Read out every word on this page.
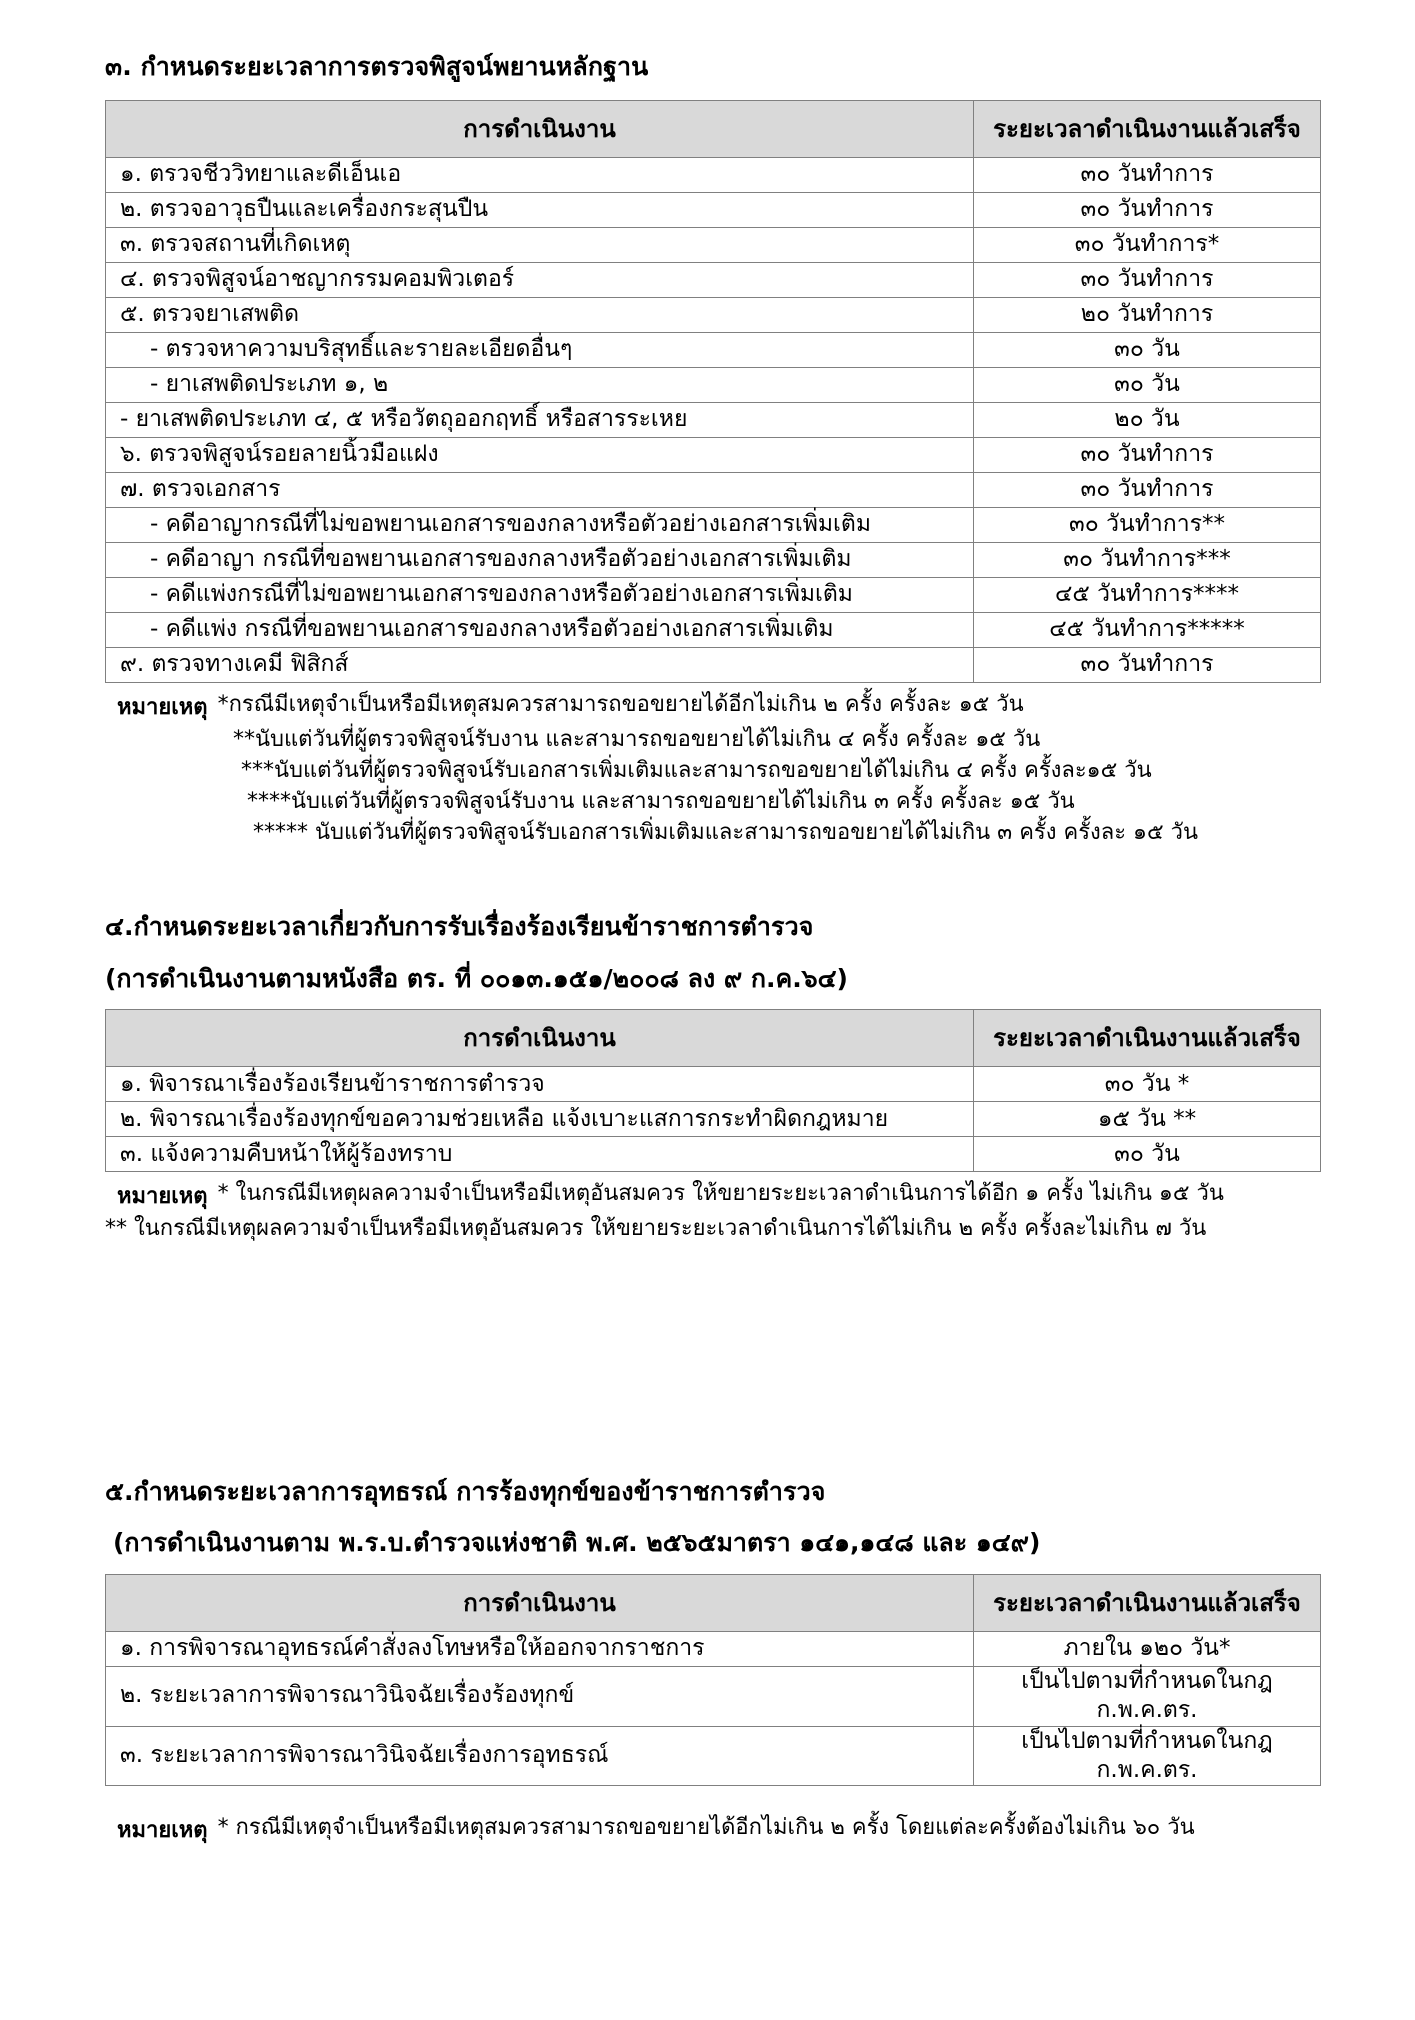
๓. กำหนดระยะเวลาการตรวจพิสูจน์พยานหลักฐาน
การดำเนินงาน	ระยะเวลาดำเนินงานแล้วเสร็จ
๑. ตรวจชีววิทยาและดีเอ็นเอ	๓๐ วันทำการ
๒. ตรวจอาวุธปืนและเครื่องกระสุนปืน	๓๐ วันทำการ
๓. ตรวจสถานที่เกิดเหตุ	๓๐ วันทำการ*
๔. ตรวจพิสูจน์อาชญากรรมคอมพิวเตอร์	๓๐ วันทำการ
๕. ตรวจยาเสพติด	๒๐ วันทำการ
- ตรวจหาความบริสุทธิ์และรายละเอียดอื่นๆ	๓๐ วัน
- ยาเสพติดประเภท ๑, ๒	๓๐ วัน
- ยาเสพติดประเภท ๔, ๕ หรือวัตถุออกฤทธิ์ หรือสารระเหย	๒๐ วัน
๖. ตรวจพิสูจน์รอยลายนิ้วมือแฝง	๓๐ วันทำการ
๗. ตรวจเอกสาร	๓๐ วันทำการ
- คดีอาญากรณีที่ไม่ขอพยานเอกสารของกลางหรือตัวอย่างเอกสารเพิ่มเติม	๓๐ วันทำการ**
- คดีอาญา กรณีที่ขอพยานเอกสารของกลางหรือตัวอย่างเอกสารเพิ่มเติม	๓๐ วันทำการ***
- คดีแพ่งกรณีที่ไม่ขอพยานเอกสารของกลางหรือตัวอย่างเอกสารเพิ่มเติม	๔๕ วันทำการ****
- คดีแพ่ง กรณีที่ขอพยานเอกสารของกลางหรือตัวอย่างเอกสารเพิ่มเติม	๔๕ วันทำการ*****
๙. ตรวจทางเคมี ฟิสิกส์	๓๐ วันทำการ
หมายเหตุ *กรณีมีเหตุจำเป็นหรือมีเหตุสมควรสามารถขอขยายได้อีกไม่เกิน ๒ ครั้ง ครั้งละ ๑๕ วัน
**นับแต่วันที่ผู้ตรวจพิสูจน์รับงาน และสามารถขอขยายได้ไม่เกิน ๔ ครั้ง ครั้งละ ๑๕ วัน
***นับแต่วันที่ผู้ตรวจพิสูจน์รับเอกสารเพิ่มเติมและสามารถขอขยายได้ไม่เกิน ๔ ครั้ง ครั้งละ๑๕ วัน
****นับแต่วันที่ผู้ตรวจพิสูจน์รับงาน และสามารถขอขยายได้ไม่เกิน ๓ ครั้ง ครั้งละ ๑๕ วัน
***** นับแต่วันที่ผู้ตรวจพิสูจน์รับเอกสารเพิ่มเติมและสามารถขอขยายได้ไม่เกิน ๓ ครั้ง ครั้งละ ๑๕ วัน
๔.กำหนดระยะเวลาเกี่ยวกับการรับเรื่องร้องเรียนข้าราชการตำรวจ
(การดำเนินงานตามหนังสือ ตร. ที่ ๐๐๑๓.๑๕๑/๒๐๐๘ ลง ๙ ก.ค.๖๔)
การดำเนินงาน	ระยะเวลาดำเนินงานแล้วเสร็จ
๑. พิจารณาเรื่องร้องเรียนข้าราชการตำรวจ	๓๐ วัน *
๒. พิจารณาเรื่องร้องทุกข์ขอความช่วยเหลือ แจ้งเบาะแสการกระทำผิดกฎหมาย	๑๕ วัน **
๓. แจ้งความคืบหน้าให้ผู้ร้องทราบ	๓๐ วัน
หมายเหตุ * ในกรณีมีเหตุผลความจำเป็นหรือมีเหตุอันสมควร ให้ขยายระยะเวลาดำเนินการได้อีก ๑ ครั้ง ไม่เกิน ๑๕ วัน
** ในกรณีมีเหตุผลความจำเป็นหรือมีเหตุอันสมควร ให้ขยายระยะเวลาดำเนินการได้ไม่เกิน ๒ ครั้ง ครั้งละไม่เกิน ๗ วัน
๕.กำหนดระยะเวลาการอุทธรณ์ การร้องทุกข์ของข้าราชการตำรวจ
(การดำเนินงานตาม พ.ร.บ.ตำรวจแห่งชาติ พ.ศ. ๒๕๖๕มาตรา ๑๔๑,๑๔๘ และ ๑๔๙)
การดำเนินงาน	ระยะเวลาดำเนินงานแล้วเสร็จ
๑. การพิจารณาอุทธรณ์คำสั่งลงโทษหรือให้ออกจากราชการ	ภายใน ๑๒๐ วัน*
๒. ระยะเวลาการพิจารณาวินิจฉัยเรื่องร้องทุกข์	เป็นไปตามที่กำหนดในกฎ ก.พ.ค.ตร.
๓. ระยะเวลาการพิจารณาวินิจฉัยเรื่องการอุทธรณ์	เป็นไปตามที่กำหนดในกฎ ก.พ.ค.ตร.
หมายเหตุ * กรณีมีเหตุจำเป็นหรือมีเหตุสมควรสามารถขอขยายได้อีกไม่เกิน ๒ ครั้ง โดยแต่ละครั้งต้องไม่เกิน ๖๐ วัน
